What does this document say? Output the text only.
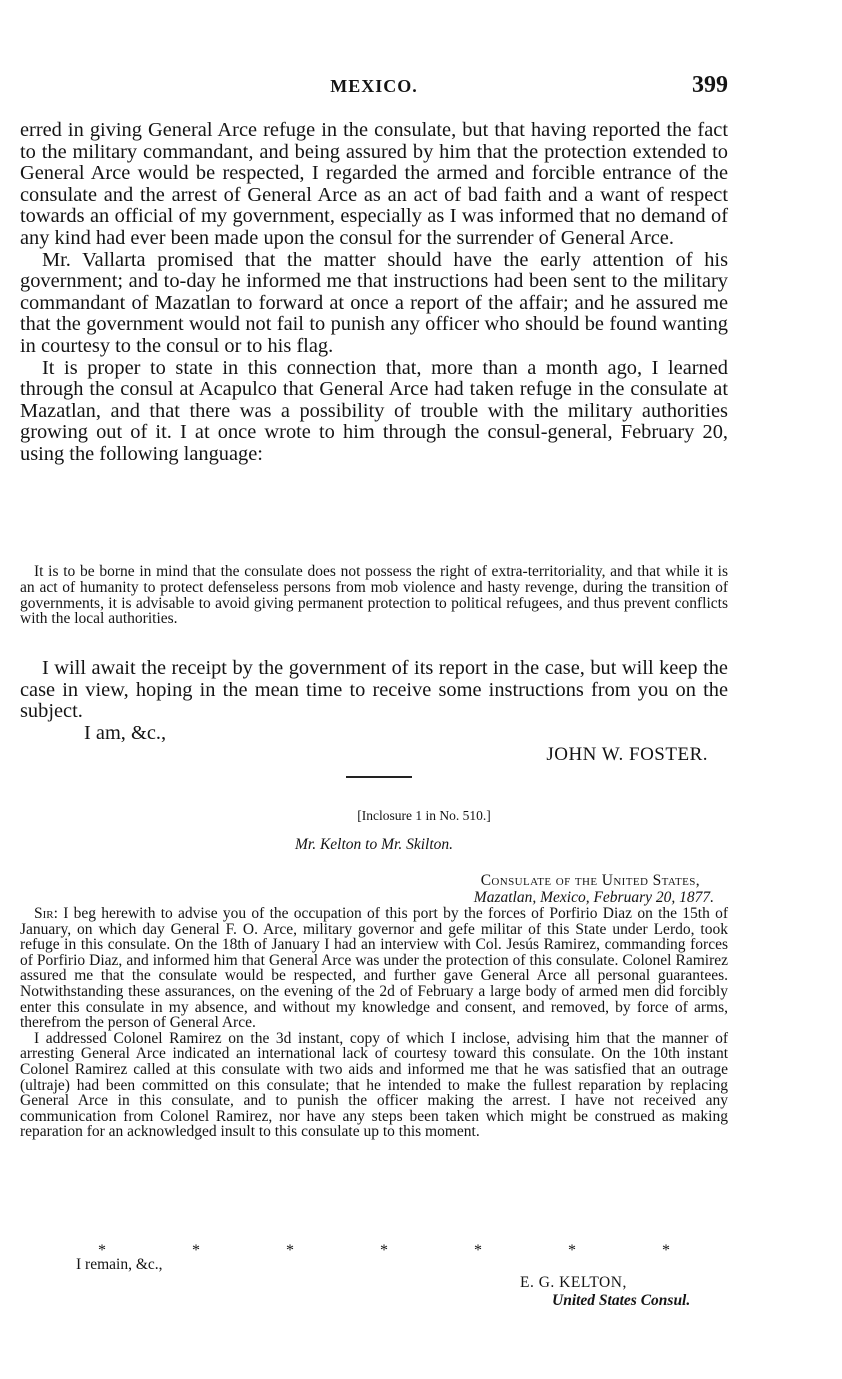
MEXICO.	399

erred in giving General Arce refuge in the consulate, but that having reported the fact to the military commandant, and being assured by him that the protection extended to General Arce would be respected, I regarded the armed and forcible entrance of the consulate and the arrest of General Arce as an act of bad faith and a want of respect towards an official of my government, especially as I was informed that no demand of any kind had ever been made upon the consul for the surrender of General Arce.

Mr. Vallarta promised that the matter should have the early attention of his government; and to-day he informed me that instructions had been sent to the military commandant of Mazatlan to forward at once a report of the affair; and he assured me that the government would not fail to punish any officer who should be found wanting in courtesy to the consul or to his flag.

It is proper to state in this connection that, more than a month ago, I learned through the consul at Acapulco that General Arce had taken refuge in the consulate at Mazatlan, and that there was a possibility of trouble with the military authorities growing out of it. I at once wrote to him through the consul-general, February 20, using the following language:

It is to be borne in mind that the consulate does not possess the right of extra-territoriality, and that while it is an act of humanity to protect defenseless persons from mob violence and hasty revenge, during the transition of governments, it is advisable to avoid giving permanent protection to political refugees, and thus prevent conflicts with the local authorities.

I will await the receipt by the government of its report in the case, but will keep the case in view, hoping in the mean time to receive some instructions from you on the subject.

I am, &c.,

JOHN W. FOSTER.

[Inclosure 1 in No. 510.]
Mr. Kelton to Mr. Skilton.
Consulate of the United States,
Mazatlan, Mexico, February 20, 1877.

Sir: I beg herewith to advise you of the occupation of this port by the forces of Porfirio Diaz on the 15th of January, on which day General F. O. Arce, military governor and gefe militar of this State under Lerdo, took refuge in this consulate. On the 18th of January I had an interview with Col. Jesús Ramirez, commanding forces of Porfirio Diaz, and informed him that General Arce was under the protection of this consulate. Colonel Ramirez assured me that the consulate would be respected, and further gave General Arce all personal guarantees. Notwithstanding these assurances, on the evening of the 2d of February a large body of armed men did forcibly enter this consulate in my absence, and without my knowledge and consent, and removed, by force of arms, therefrom the person of General Arce.

I addressed Colonel Ramirez on the 3d instant, copy of which I inclose, advising him that the manner of arresting General Arce indicated an international lack of courtesy toward this consulate. On the 10th instant Colonel Ramirez called at this consulate with two aids and informed me that he was satisfied that an outrage (ultraje) had been committed on this consulate; that he intended to make the fullest reparation by replacing General Arce in this consulate, and to punish the officer making the arrest. I have not received any communication from Colonel Ramirez, nor have any steps been taken which might be construed as making reparation for an acknowledged insult to this consulate up to this moment.

*	*	*	*	*	*	*
I remain, &c.,
E. G. KELTON,
United States Consul.
